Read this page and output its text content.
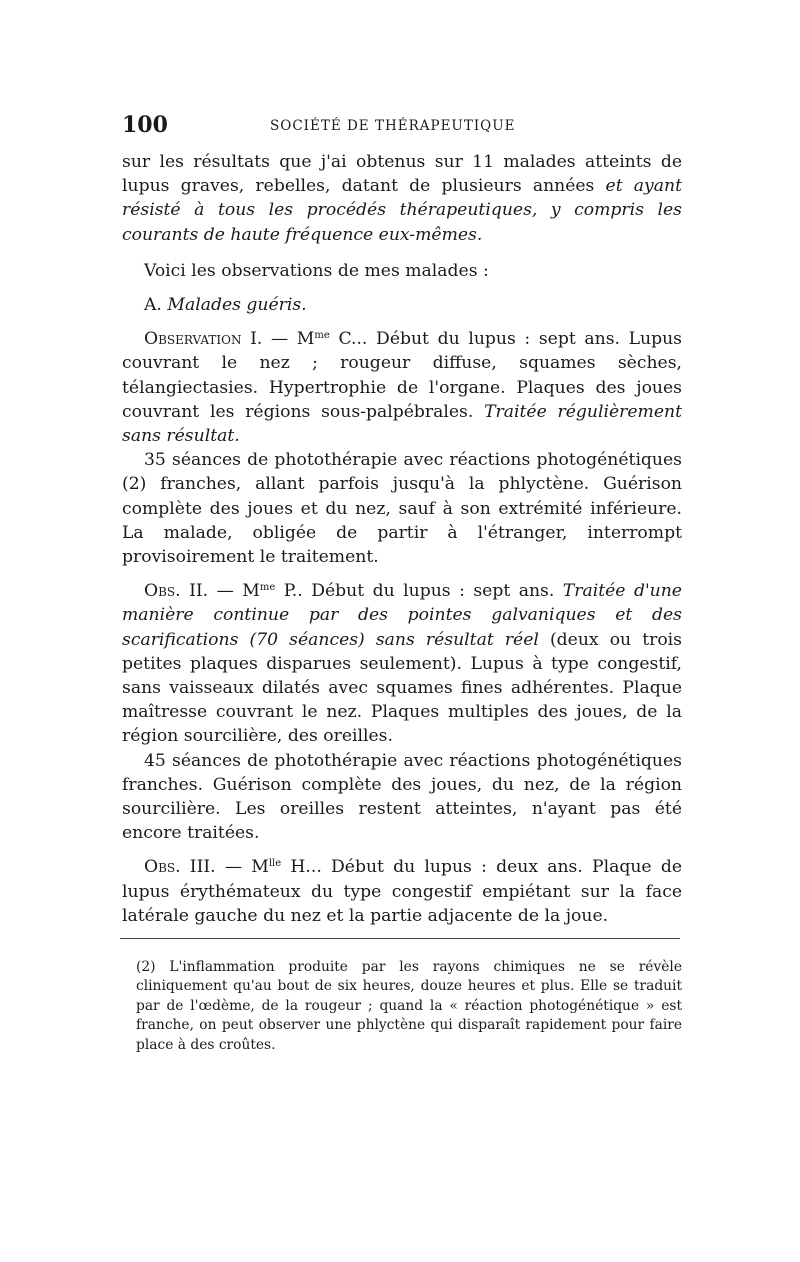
100	SOCIÉTÉ DE THÉRAPEUTIQUE

sur les résultats que j'ai obtenus sur 11 malades atteints de lupus graves, rebelles, datant de plusieurs années et ayant résisté à tous les procédés thérapeutiques, y compris les courants de haute fréquence eux-mêmes.

Voici les observations de mes malades :

A. Malades guéris.

Observation I. — $M^{me}$ C... Début du lupus : sept ans. Lupus couvrant le nez ; rougeur diffuse, squames sèches, télangiectasies. Hypertrophie de l'organe. Plaques des joues couvrant les régions sous-palpébrales. Traitée régulièrement sans résultat.

35 séances de photothérapie avec réactions photogénétiques (2) franches, allant parfois jusqu'à la phlyctène. Guérison complète des joues et du nez, sauf à son extrémité inférieure. La malade, obligée de partir à l'étranger, interrompt provisoirement le traitement.

Obs. II. — $M^{me}$ P.. Début du lupus : sept ans. Traitée d'une manière continue par des pointes galvaniques et des scarifications (70 séances) sans résultat réel (deux ou trois petites plaques disparues seulement). Lupus à type congestif, sans vaisseaux dilatés avec squames fines adhérentes. Plaque maîtresse couvrant le nez. Plaques multiples des joues, de la région sourcilière, des oreilles.

45 séances de photothérapie avec réactions photogénétiques franches. Guérison complète des joues, du nez, de la région sourcilière. Les oreilles restent atteintes, n'ayant pas été encore traitées.

Obs. III. — $M^{lle}$ H... Début du lupus : deux ans. Plaque de lupus érythémateux du type congestif empiétant sur la face latérale gauche du nez et la partie adjacente de la joue.

(2) L'inflammation produite par les rayons chimiques ne se révèle cliniquement qu'au bout de six heures, douze heures et plus. Elle se traduit par de l'œdème, de la rougeur ; quand la « réaction photogénétique » est franche, on peut observer une phlyctène qui disparaît rapidement pour faire place à des croûtes.
